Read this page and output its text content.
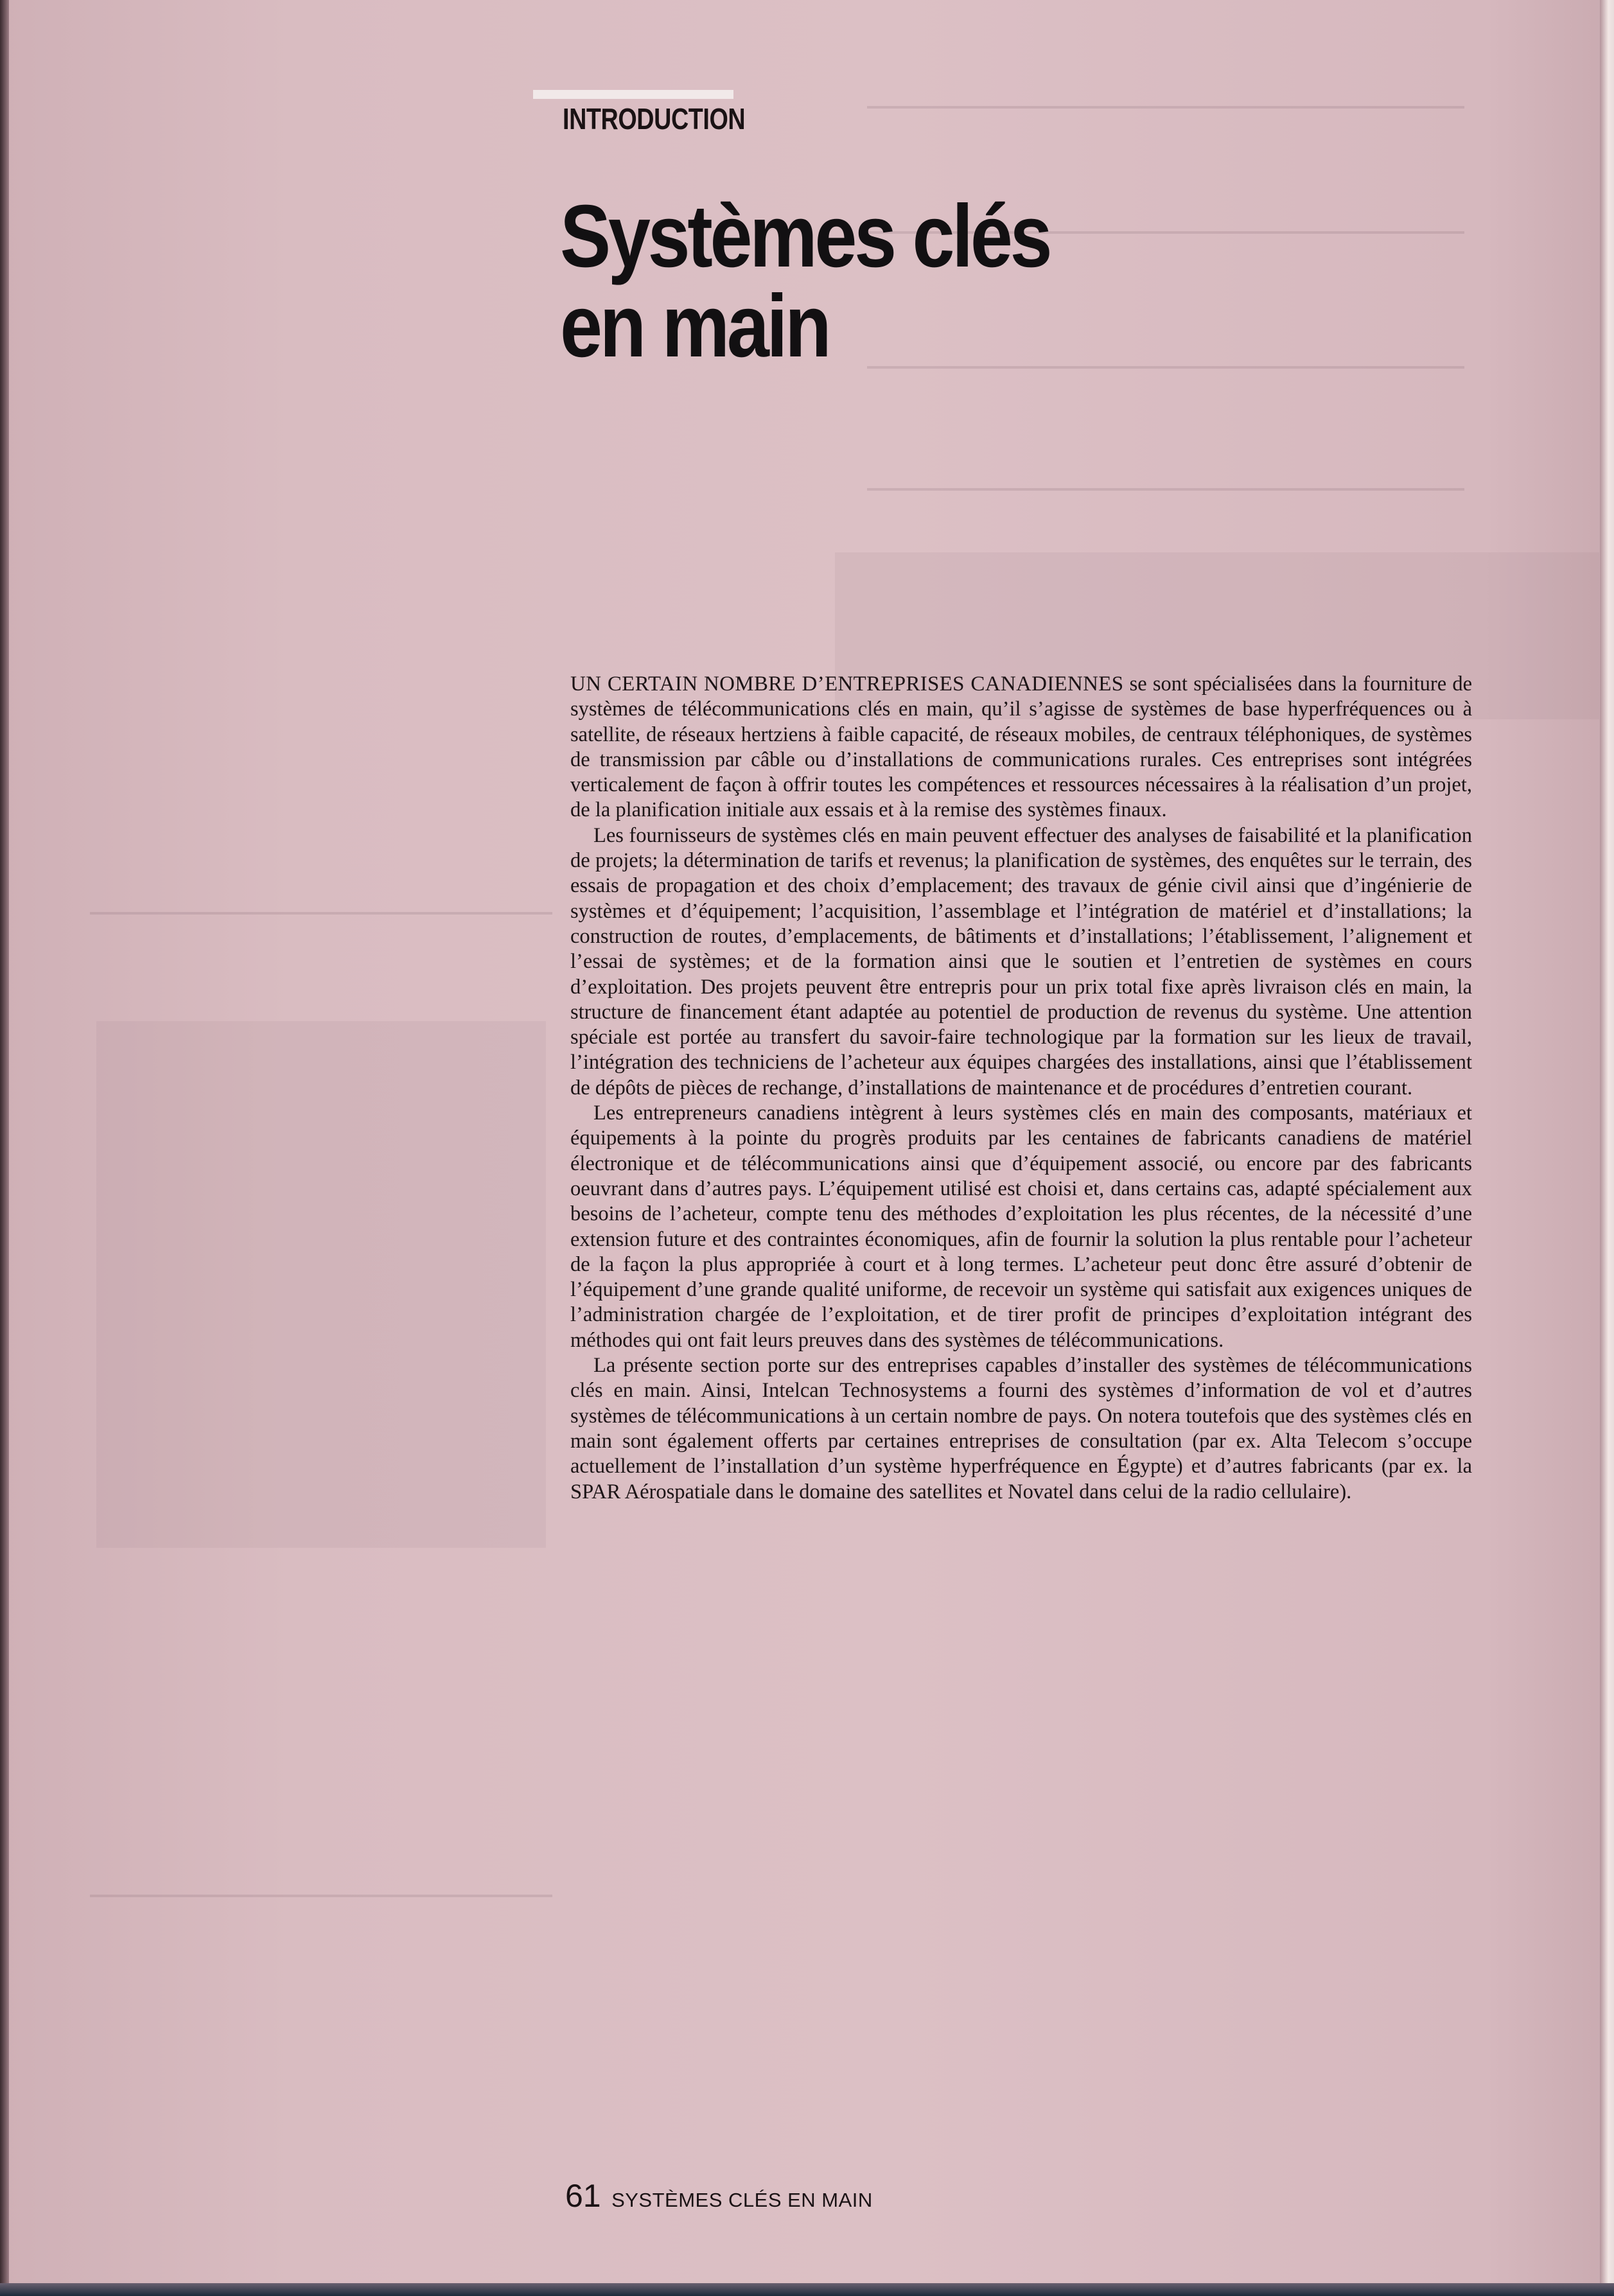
INTRODUCTION
Systèmes clés
en main

UN CERTAIN NOMBRE D’ENTREPRISES CANADIENNES se sont spécialisées dans la fourniture de systèmes de télécommunications clés en main, qu’il s’agisse de systèmes de base hyperfréquences ou à satellite, de réseaux hertziens à faible capacité, de réseaux mobiles, de centraux téléphoniques, de systèmes de transmission par câble ou d’installations de communications rurales. Ces entreprises sont intégrées verticalement de façon à offrir toutes les compétences et ressources nécessaires à la réalisation d’un projet, de la planification initiale aux essais et à la remise des systèmes finaux.

Les fournisseurs de systèmes clés en main peuvent effectuer des analyses de faisabilité et la planification de projets; la détermination de tarifs et revenus; la planification de systèmes, des enquêtes sur le terrain, des essais de propagation et des choix d’emplacement; des travaux de génie civil ainsi que d’ingénierie de systèmes et d’équipement; l’acquisition, l’assemblage et l’intégration de matériel et d’installations; la construction de routes, d’emplacements, de bâtiments et d’installations; l’établissement, l’alignement et l’essai de systèmes; et de la formation ainsi que le soutien et l’entretien de systèmes en cours d’exploitation. Des projets peuvent être entrepris pour un prix total fixe après livraison clés en main, la structure de financement étant adaptée au potentiel de production de revenus du système. Une attention spéciale est portée au transfert du savoir-faire technologique par la formation sur les lieux de travail, l’intégration des techniciens de l’acheteur aux équipes chargées des installations, ainsi que l’établissement de dépôts de pièces de rechange, d’installations de maintenance et de procédures d’entretien courant.

Les entrepreneurs canadiens intègrent à leurs systèmes clés en main des composants, matériaux et équipements à la pointe du progrès produits par les centaines de fabricants canadiens de matériel électronique et de télécommunications ainsi que d’équipement associé, ou encore par des fabricants oeuvrant dans d’autres pays. L’équipement utilisé est choisi et, dans certains cas, adapté spécialement aux besoins de l’acheteur, compte tenu des méthodes d’exploitation les plus récentes, de la nécessité d’une extension future et des contraintes économiques, afin de fournir la solution la plus rentable pour l’acheteur de la façon la plus appropriée à court et à long termes. L’acheteur peut donc être assuré d’obtenir de l’équipement d’une grande qualité uniforme, de recevoir un système qui satisfait aux exigences uniques de l’administration chargée de l’exploitation, et de tirer profit de principes d’exploitation intégrant des méthodes qui ont fait leurs preuves dans des systèmes de télécommunications.

La présente section porte sur des entreprises capables d’installer des systèmes de télécommunications clés en main. Ainsi, Intelcan Technosystems a fourni des systèmes d’information de vol et d’autres systèmes de télécommunications à un certain nombre de pays. On notera toutefois que des systèmes clés en main sont également offerts par certaines entreprises de consultation (par ex. Alta Telecom s’occupe actuellement de l’installation d’un système hyperfréquence en Égypte) et d’autres fabricants (par ex. la SPAR Aérospatiale dans le domaine des satellites et Novatel dans celui de la radio cellulaire).

61 SYSTÈMES CLÉS EN MAIN
